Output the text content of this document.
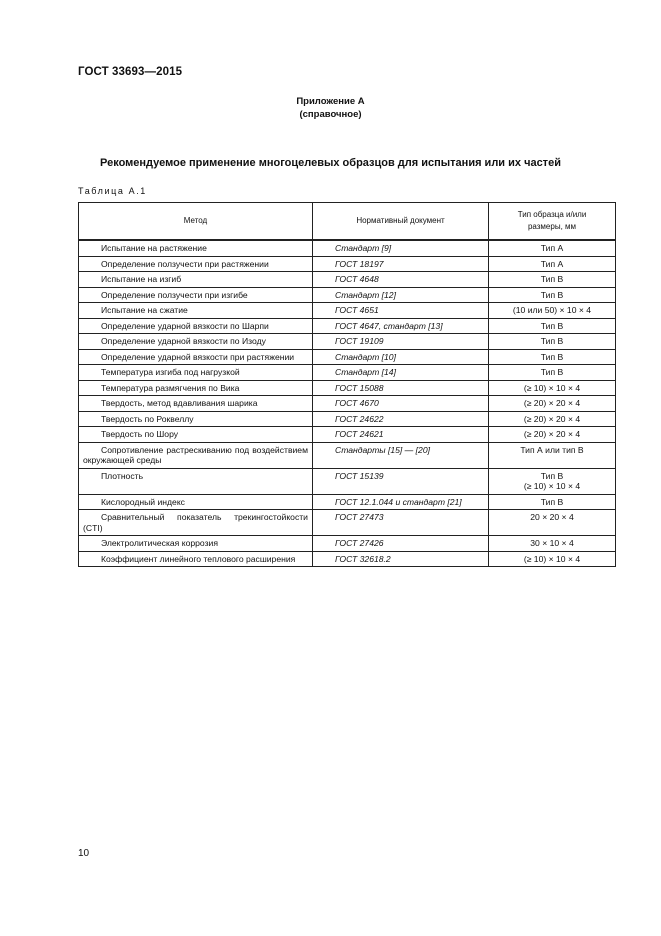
ГОСТ 33693—2015
Приложение А
(справочное)
Рекомендуемое применение многоцелевых образцов для испытания или их частей
Таблица А.1
Метод	Нормативный документ	Тип образца и/или
размеры, мм

Испытание на растяжение	Стандарт [9]	Тип А

Определение ползучести при растяжении	ГОСТ 18197	Тип А

Испытание на изгиб	ГОСТ 4648	Тип В

Определение ползучести при изгибе	Стандарт [12]	Тип В

Испытание на сжатие	ГОСТ 4651	(10 или 50) × 10 × 4

Определение ударной вязкости по Шарпи	ГОСТ 4647, стандарт [13]	Тип В

Определение ударной вязкости по Изоду	ГОСТ 19109	Тип В

Определение ударной вязкости при растяжении	Стандарт [10]	Тип В

Температура изгиба под нагрузкой	Стандарт [14]	Тип В

Температура размягчения по Вика	ГОСТ 15088	(≥ 10) × 10 × 4

Твердость, метод вдавливания шарика	ГОСТ 4670	(≥ 20) × 20 × 4

Твердость по Роквеллу	ГОСТ 24622	(≥ 20) × 20 × 4

Твердость по Шору	ГОСТ 24621	(≥ 20) × 20 × 4

Сопротивление растрескиванию под воздействием окружающей среды	Стандарты [15] — [20]	Тип А или тип В

Плотность	ГОСТ 15139	Тип В
(≥ 10) × 10 × 4

Кислородный индекс	ГОСТ 12.1.044 и стандарт [21]	Тип В

Сравнительный показатель трекингостойкости (CTI)	ГОСТ 27473	20 × 20 × 4

Электролитическая коррозия	ГОСТ 27426	30 × 10 × 4

Коэффициент линейного теплового расширения	ГОСТ 32618.2	(≥ 10) × 10 × 4
10
